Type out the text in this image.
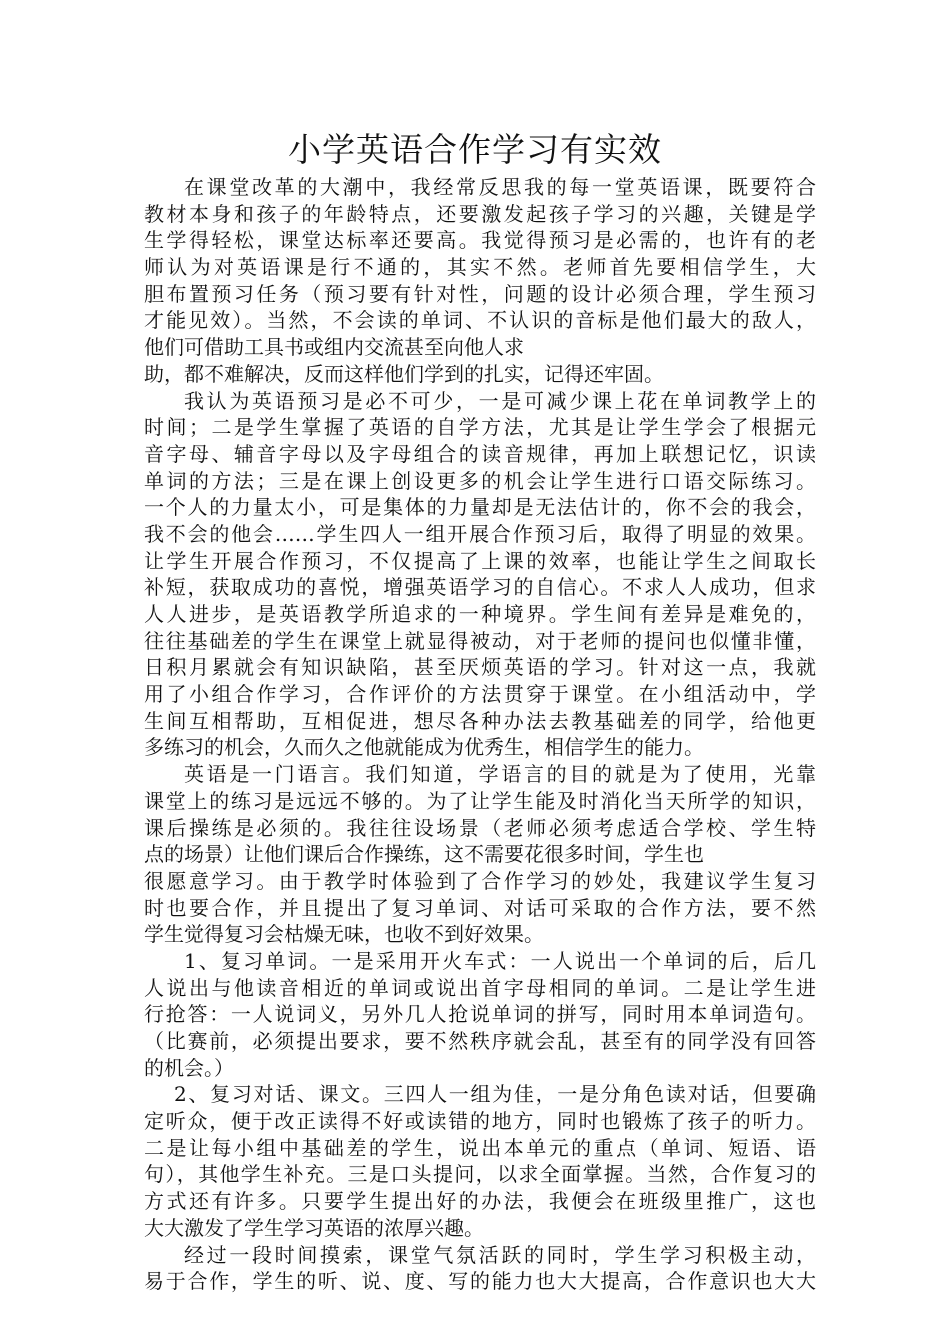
小学英语合作学习有实效
在课堂改革的大潮中，我经常反思我的每一堂英语课，既要符合
教材本身和孩子的年龄特点，还要激发起孩子学习的兴趣，关键是学
生学得轻松，课堂达标率还要高。我觉得预习是必需的，也许有的老
师认为对英语课是行不通的，其实不然。老师首先要相信学生，大
胆布置预习任务（预习要有针对性，问题的设计必须合理，学生预习
才能见效）。当然，不会读的单词、不认识的音标是他们最大的敌人，
他们可借助工具书或组内交流甚至向他人求
助，都不难解决，反而这样他们学到的扎实，记得还牢固。
我认为英语预习是必不可少，一是可减少课上花在单词教学上的
时间；二是学生掌握了英语的自学方法，尤其是让学生学会了根据元
音字母、辅音字母以及字母组合的读音规律，再加上联想记忆，识读
单词的方法；三是在课上创设更多的机会让学生进行口语交际练习。
一个人的力量太小，可是集体的力量却是无法估计的，你不会的我会，
我不会的他会……学生四人一组开展合作预习后，取得了明显的效果。
让学生开展合作预习，不仅提高了上课的效率，也能让学生之间取长
补短，获取成功的喜悦，增强英语学习的自信心。不求人人成功，但求
人人进步，是英语教学所追求的一种境界。学生间有差异是难免的，
往往基础差的学生在课堂上就显得被动，对于老师的提问也似懂非懂，
日积月累就会有知识缺陷，甚至厌烦英语的学习。针对这一点，我就
用了小组合作学习，合作评价的方法贯穿于课堂。在小组活动中，学
生间互相帮助，互相促进，想尽各种办法去教基础差的同学，给他更
多练习的机会，久而久之他就能成为优秀生，相信学生的能力。
英语是一门语言。我们知道，学语言的目的就是为了使用，光靠
课堂上的练习是远远不够的。为了让学生能及时消化当天所学的知识，
课后操练是必须的。我往往设场景（老师必须考虑适合学校、学生特
点的场景）让他们课后合作操练，这不需要花很多时间，学生也
很愿意学习。由于教学时体验到了合作学习的妙处，我建议学生复习
时也要合作，并且提出了复习单词、对话可采取的合作方法，要不然
学生觉得复习会枯燥无味，也收不到好效果。
1、复习单词。一是采用开火车式：一人说出一个单词的后，后几
人说出与他读音相近的单词或说出首字母相同的单词。二是让学生进
行抢答：一人说词义，另外几人抢说单词的拼写，同时用本单词造句。
（比赛前，必须提出要求，要不然秩序就会乱，甚至有的同学没有回答
的机会。）
2、复习对话、课文。三四人一组为佳，一是分角色读对话，但要确
定听众，便于改正读得不好或读错的地方，同时也锻炼了孩子的听力。
二是让每小组中基础差的学生，说出本单元的重点（单词、短语、语
句），其他学生补充。三是口头提问，以求全面掌握。当然，合作复习的
方式还有许多。只要学生提出好的办法，我便会在班级里推广，这也
大大激发了学生学习英语的浓厚兴趣。
经过一段时间摸索，课堂气氛活跃的同时，学生学习积极主动，
易于合作，学生的听、说、度、写的能力也大大提高，合作意识也大大
